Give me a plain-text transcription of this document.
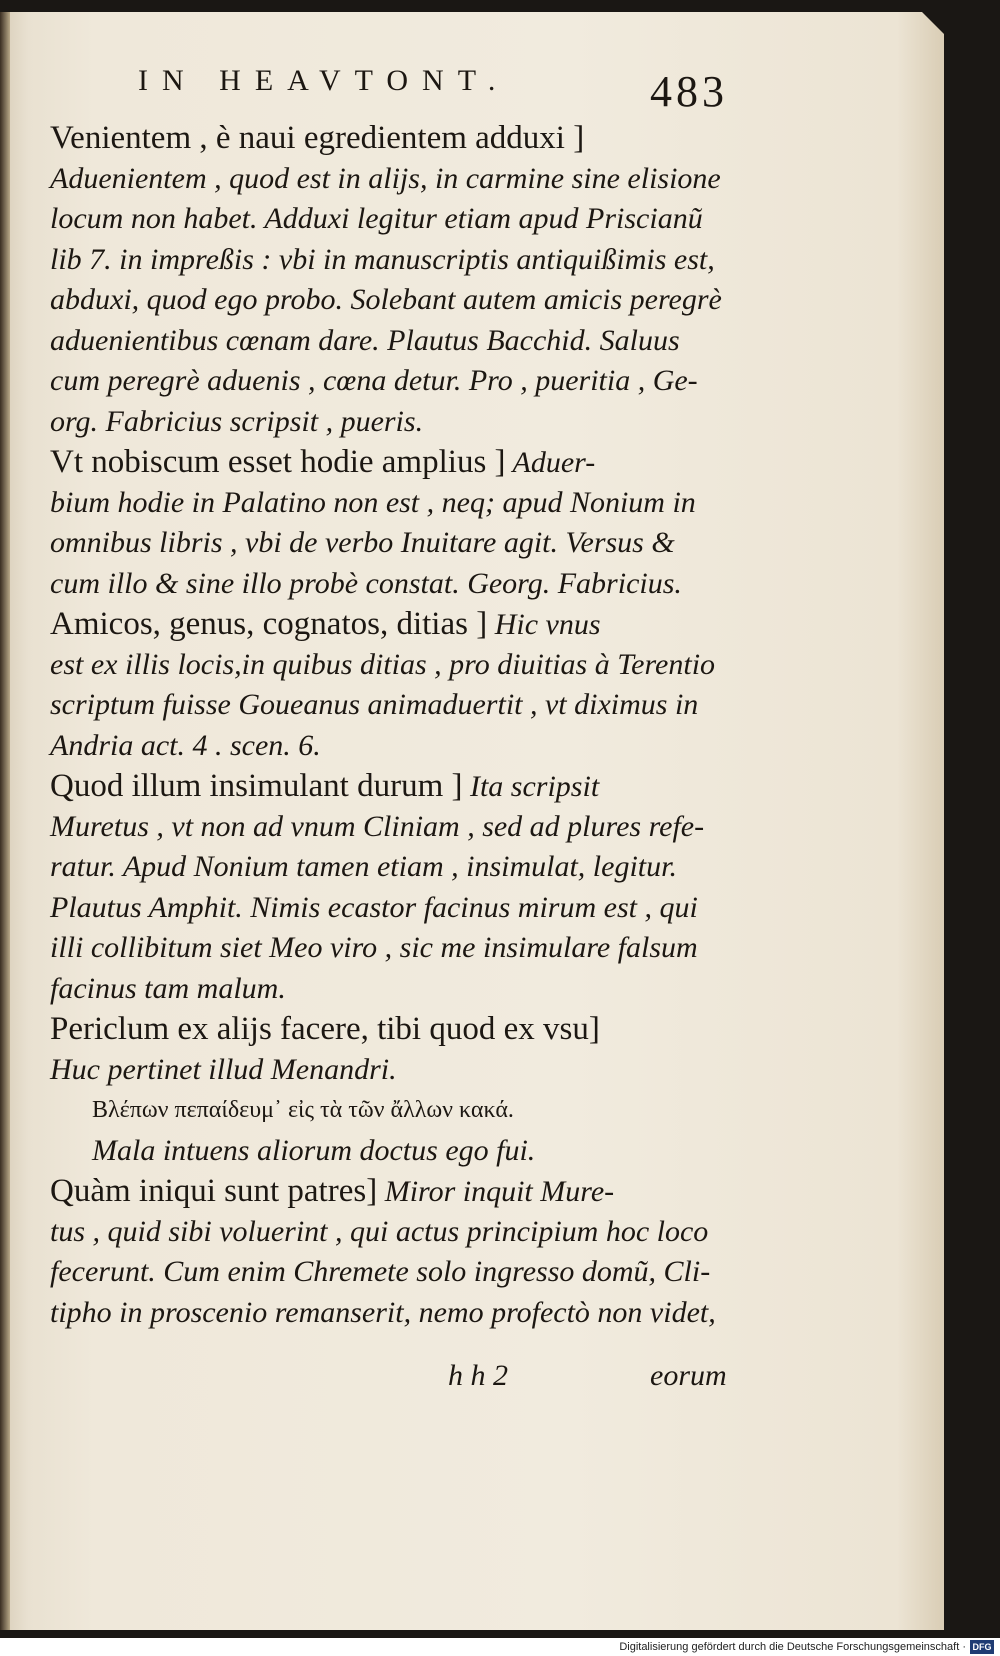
IN HEAVTONT.	483
Venientem , è naui egredientem adduxi ]
Aduenientem , quod est in alijs, in carmine sine elisione
locum non habet. Adduxi legitur etiam apud Priscianũ
lib 7. in impreßis : vbi in manuscriptis antiquißimis est,
abduxi, quod ego probo. Solebant autem amicis peregrè
aduenientibus cœnam dare. Plautus Bacchid. Saluus
cum peregrè aduenis , cœna detur. Pro , pueritia , Ge-
org. Fabricius scripsit , pueris.
Vt nobiscum esset hodie amplius ] Aduer-
bium hodie in Palatino non est , neq; apud Nonium in
omnibus libris , vbi de verbo Inuitare agit. Versus &
cum illo & sine illo probè constat. Georg. Fabricius.
Amicos, genus, cognatos, ditias ] Hic vnus
est ex illis locis,in quibus ditias , pro diuitias à Terentio
scriptum fuisse Goueanus animaduertit , vt diximus in
Andria act. 4 . scen. 6.
Quod illum insimulant durum ] Ita scripsit
Muretus , vt non ad vnum Cliniam , sed ad plures refe-
ratur. Apud Nonium tamen etiam , insimulat, legitur.
Plautus Amphit. Nimis ecastor facinus mirum est , qui
illi collibitum siet Meo viro , sic me insimulare falsum
facinus tam malum.
Periclum ex alijs facere, tibi quod ex vsu]
Huc pertinet illud Menandri.
Βλέπων πεπαίδευμ᾽ εἰς τὰ τῶν ἄλλων κακά.
Mala intuens aliorum doctus ego fui.
Quàm iniqui sunt patres] Miror inquit Mure-
tus , quid sibi voluerint , qui actus principium hoc loco
fecerunt. Cum enim Chremete solo ingresso domũ, Cli-
tipho in proscenio remanserit, nemo profectò non videt,
h h 2	eorum
Digitalisierung gefördert durch die Deutsche Forschungsgemeinschaft · DFG
